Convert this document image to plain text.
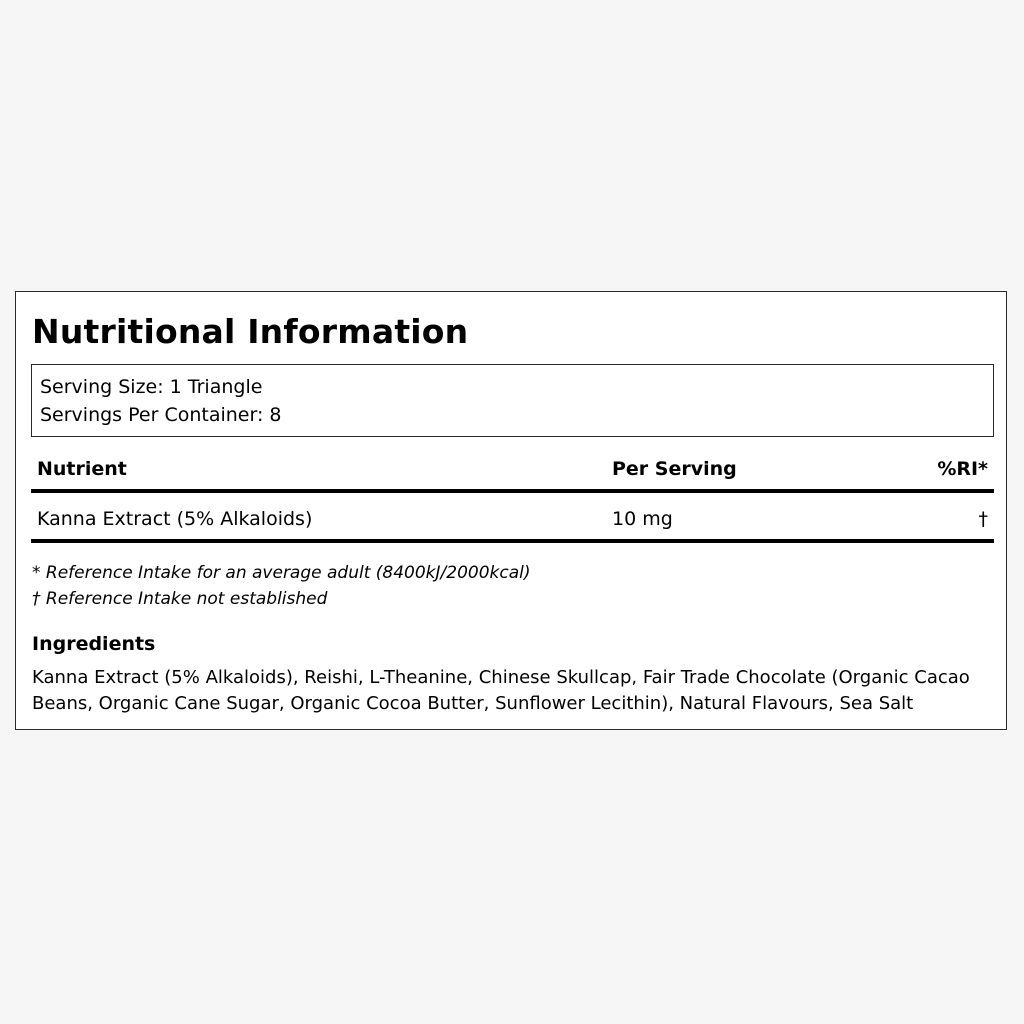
Nutritional Information
Serving Size: 1 Triangle
Servings Per Container: 8
Nutrient	Per Serving	%RI*
Kanna Extract (5% Alkaloids)	10 mg	†
* Reference Intake for an average adult (8400kJ/2000kcal)
† Reference Intake not established
Ingredients
Kanna Extract (5% Alkaloids), Reishi, L-Theanine, Chinese Skullcap, Fair Trade Chocolate (Organic Cacao Beans, Organic Cane Sugar, Organic Cocoa Butter, Sunflower Lecithin), Natural Flavours, Sea Salt
